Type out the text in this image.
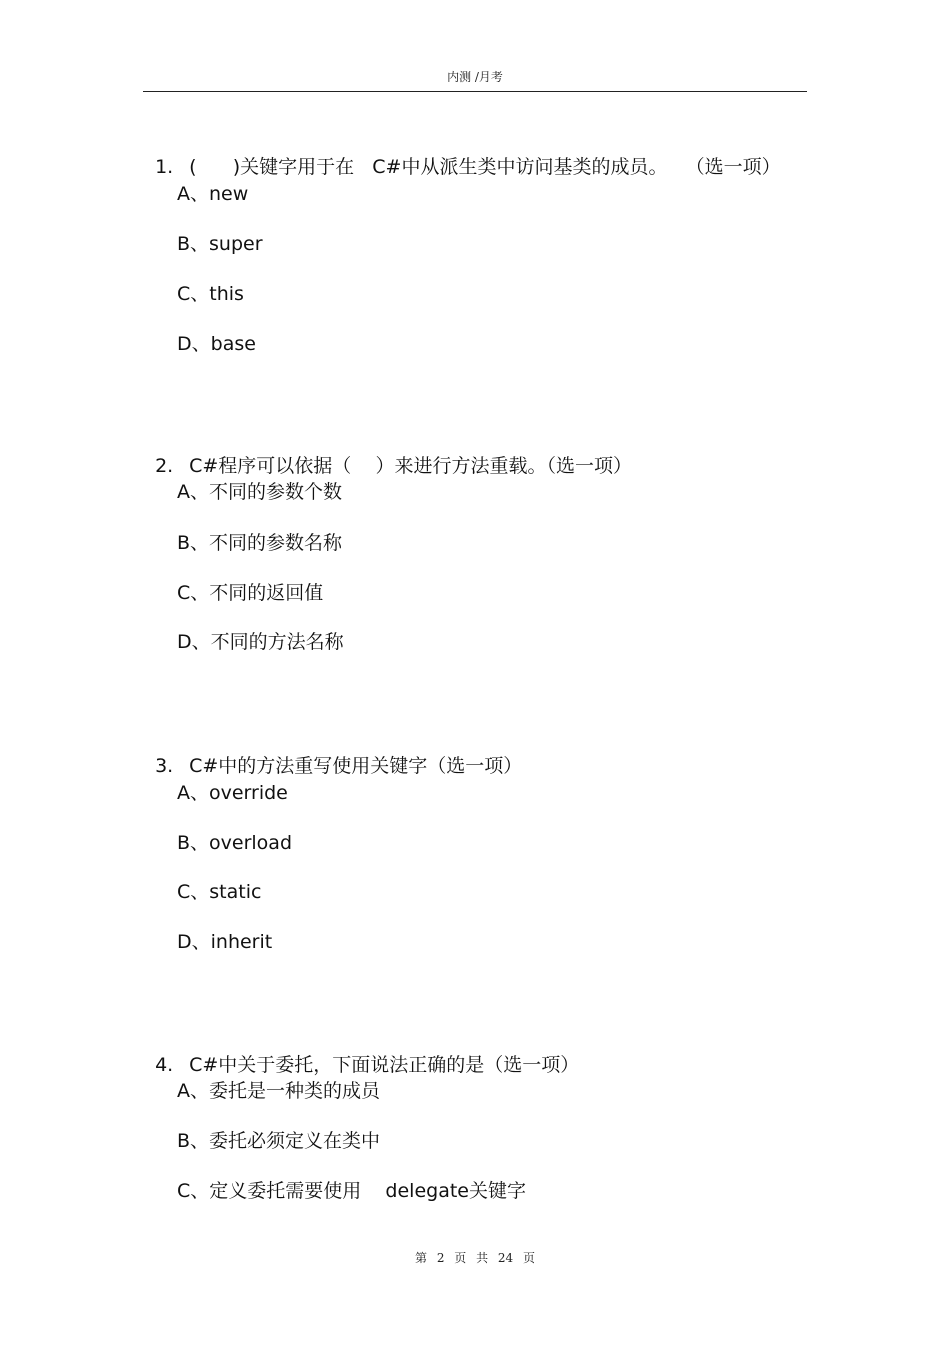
内测 /月考

1. (      )关键字用于在   C#中从派生类中访问基类的成员。   （选一项）

A、new
B、super
C、this
D、base

2. C#程序可以依据（    ）来进行方法重载。（选一项）

A、不同的参数个数
B、不同的参数名称
C、不同的返回值
D、不同的方法名称

3. C#中的方法重写使用关键字（选一项）

A、override
B、overload
C、static
D、inherit

4. C#中关于委托，下面说法正确的是（选一项）

A、委托是一种类的成员
B、委托必须定义在类中
C、定义委托需要使用    delegate关键字
第 2 页 共 24 页
